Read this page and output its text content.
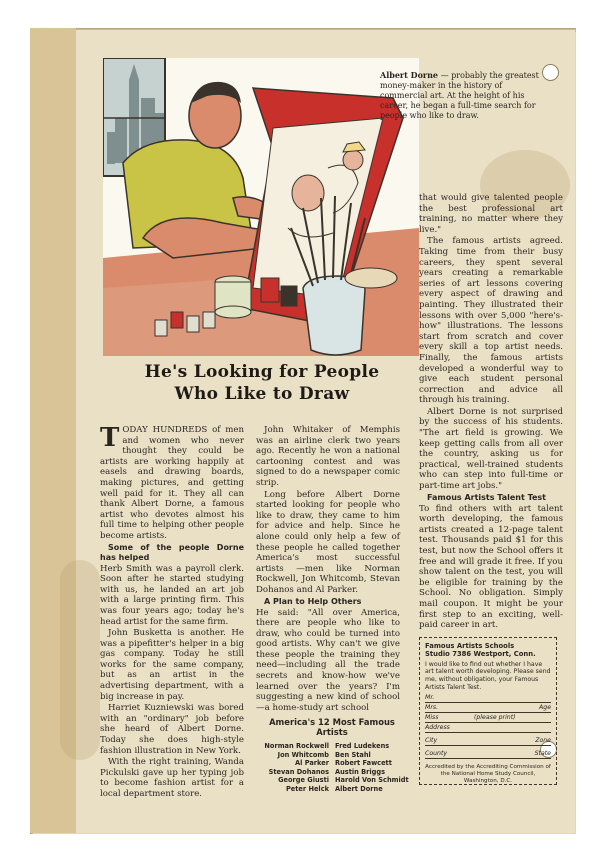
Albert Dorne — probably the greatest money-maker in the history of commercial art. At the height of his career, he began a full-time search for people who like to draw.
He's Looking for People
Who Like to Draw

TODAY HUNDREDS of men and women who never thought they could be artists are working happily at easels and drawing boards, making pictures, and getting well paid for it. They all can thank Albert Dorne, a famous artist who devotes almost his full time to helping other people become artists.

Some of the people Dorne has helped

Herb Smith was a payroll clerk. Soon after he started studying with us, he landed an art job with a large printing firm. This was four years ago; today he's head artist for the same firm.

John Busketta is another. He was a pipefitter's helper in a big gas company. Today he still works for the same company, but as an artist in the advertising department, with a big increase in pay.

Harriet Kuzniewski was bored with an "ordinary" job before she heard of Albert Dorne. Today she does high-style fashion illustration in New York.

With the right training, Wanda Pickulski gave up her typing job to become fashion artist for a local department store.

John Whitaker of Memphis was an airline clerk two years ago. Recently he won a national cartooning contest and was signed to do a newspaper comic strip.

Long before Albert Dorne started looking for people who like to draw, they came to him for advice and help. Since he alone could only help a few of these people he called together America's most successful artists —men like Norman Rockwell, Jon Whitcomb, Stevan Dohanos and Al Parker.

A Plan to Help Others

He said: "All over America, there are people who like to draw, who could be turned into good artists. Why can't we give these people the training they need—including all the trade secrets and know-how we've learned over the years? I'm suggesting a new kind of school—a home-study art school

that would give talented people the best professional art training, no matter where they live."

The famous artists agreed. Taking time from their busy careers, they spent several years creating a remarkable series of art lessons covering every aspect of drawing and painting. They illustrated their lessons with over 5,000 "here's-how" illustrations. The lessons start from scratch and cover every skill a top artist needs. Finally, the famous artists developed a wonderful way to give each student personal correction and advice all through his training.

Albert Dorne is not surprised by the success of his students. "The art field is growing. We keep getting calls from all over the country, asking us for practical, well-trained students who can step into full-time or part-time art jobs."

Famous Artists Talent Test

To find others with art talent worth developing, the famous artists created a 12-page talent test. Thousands paid $1 for this test, but now the School offers it free and will grade it free. If you show talent on the test, you will be eligible for training by the School. No obligation. Simply mail coupon. It might be your first step to an exciting, well-paid career in art.

America's 12 Most Famous Artists
Norman Rockwell Fred Ludekens
Jon Whitcomb Ben Stahl
Al Parker Robert Fawcett
Stevan Dohanos Austin Briggs
George Giusti Harold Von Schmidt
Peter Helck Albert Dorne
Famous Artists Schools
Studio 7386 Westport, Conn.
I would like to find out whether I have art talent worth developing. Please send me, without obligation, your Famous Artists Talent Test.
Mr.
Mrs.	Age
Miss	(please print)
Address
City	Zone
County	State
Accredited by the Accrediting Commission of the National Home Study Council, Washington, D.C.
